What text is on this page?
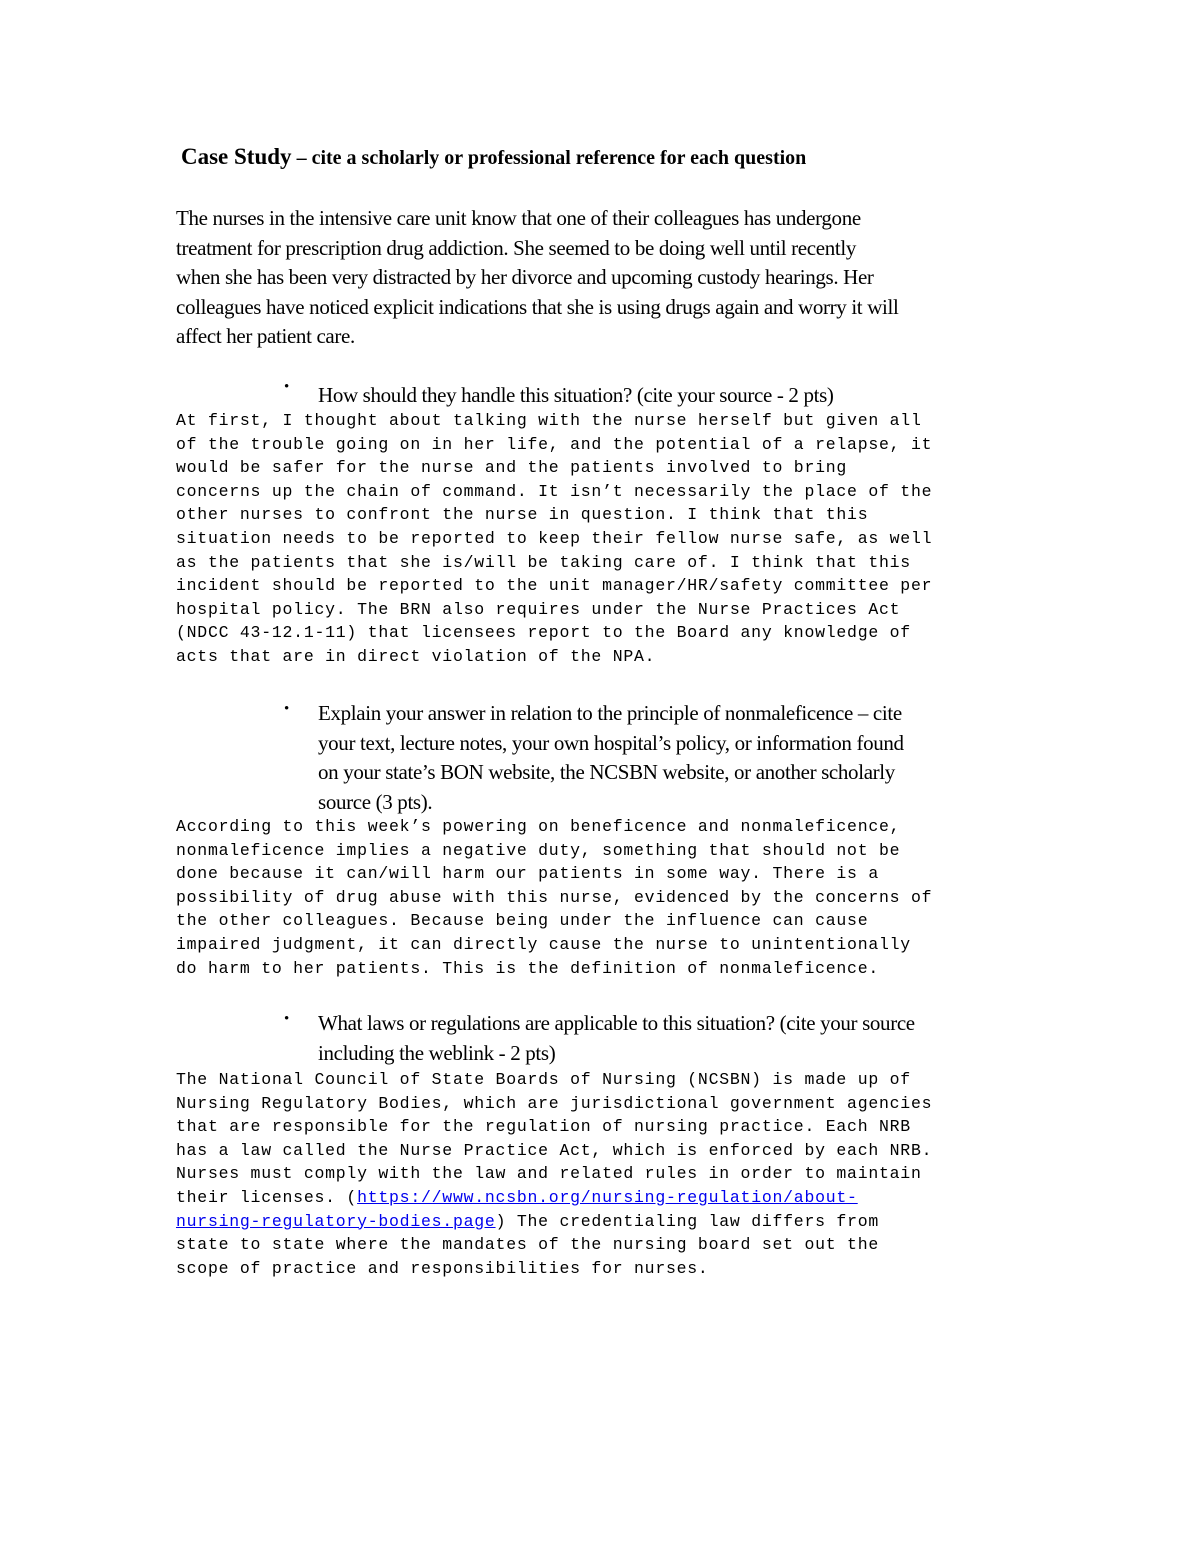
Case Study – cite a scholarly or professional reference for each question
The nurses in the intensive care unit know that one of their colleagues has undergone
treatment for prescription drug addiction. She seemed to be doing well until recently
when she has been very distracted by her divorce and upcoming custody hearings. Her
colleagues have noticed explicit indications that she is using drugs again and worry it will
affect her patient care.
• How should they handle this situation? (cite your source - 2 pts)
At first, I thought about talking with the nurse herself but given all
of the trouble going on in her life, and the potential of a relapse, it
would be safer for the nurse and the patients involved to bring
concerns up the chain of command. It isn’t necessarily the place of the
other nurses to confront the nurse in question. I think that this
situation needs to be reported to keep their fellow nurse safe, as well
as the patients that she is/will be taking care of. I think that this
incident should be reported to the unit manager/HR/safety committee per
hospital policy. The BRN also requires under the Nurse Practices Act
(NDCC 43-12.1-11) that licensees report to the Board any knowledge of
acts that are in direct violation of the NPA.
• Explain your answer in relation to the principle of nonmaleficence – cite
your text, lecture notes, your own hospital’s policy, or information found
on your state’s BON website, the NCSBN website, or another scholarly
source (3 pts).
According to this week’s powering on beneficence and nonmaleficence,
nonmaleficence implies a negative duty, something that should not be
done because it can/will harm our patients in some way. There is a
possibility of drug abuse with this nurse, evidenced by the concerns of
the other colleagues. Because being under the influence can cause
impaired judgment, it can directly cause the nurse to unintentionally
do harm to her patients. This is the definition of nonmaleficence.
• What laws or regulations are applicable to this situation? (cite your source
including the weblink - 2 pts)
The National Council of State Boards of Nursing (NCSBN) is made up of
Nursing Regulatory Bodies, which are jurisdictional government agencies
that are responsible for the regulation of nursing practice. Each NRB
has a law called the Nurse Practice Act, which is enforced by each NRB.
Nurses must comply with the law and related rules in order to maintain
their licenses. (https://www.ncsbn.org/nursing-regulation/about-
nursing-regulatory-bodies.page) The credentialing law differs from
state to state where the mandates of the nursing board set out the
scope of practice and responsibilities for nurses.
